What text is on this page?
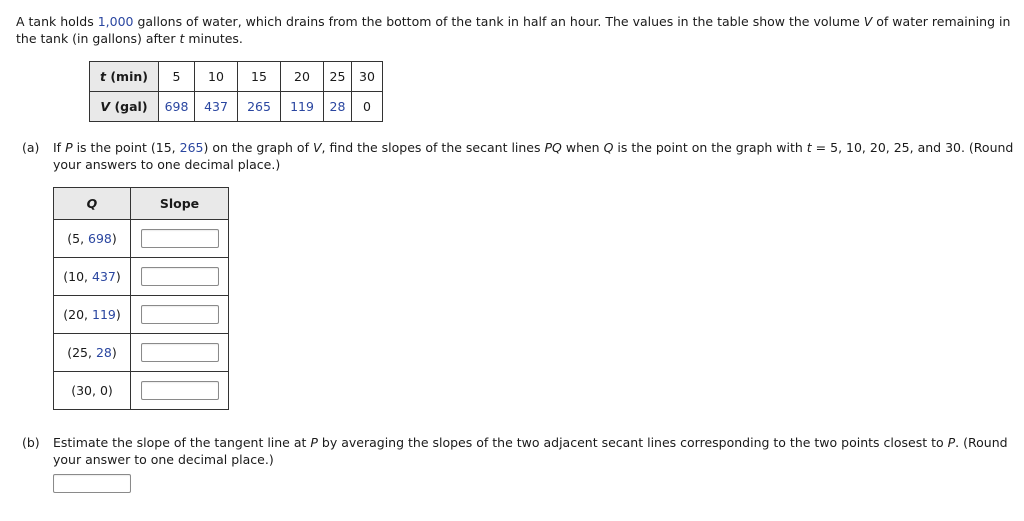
A tank holds 1,000 gallons of water, which drains from the bottom of the tank in half an hour. The values in the table show the volume V of water remaining in the tank (in gallons) after t minutes.
t (min)	5	10	15	20	25	30
V (gal)	698	437	265	119	28	0
(a) If P is the point (15, 265) on the graph of V, find the slopes of the secant lines PQ when Q is the point on the graph with t = 5, 10, 20, 25, and 30. (Round your answers to one decimal place.)
Q	Slope
(5, 698)	
(10, 437)	
(20, 119)	
(25, 28)	
(30, 0)	
(b) Estimate the slope of the tangent line at P by averaging the slopes of the two adjacent secant lines corresponding to the two points closest to P. (Round your answer to one decimal place.)
